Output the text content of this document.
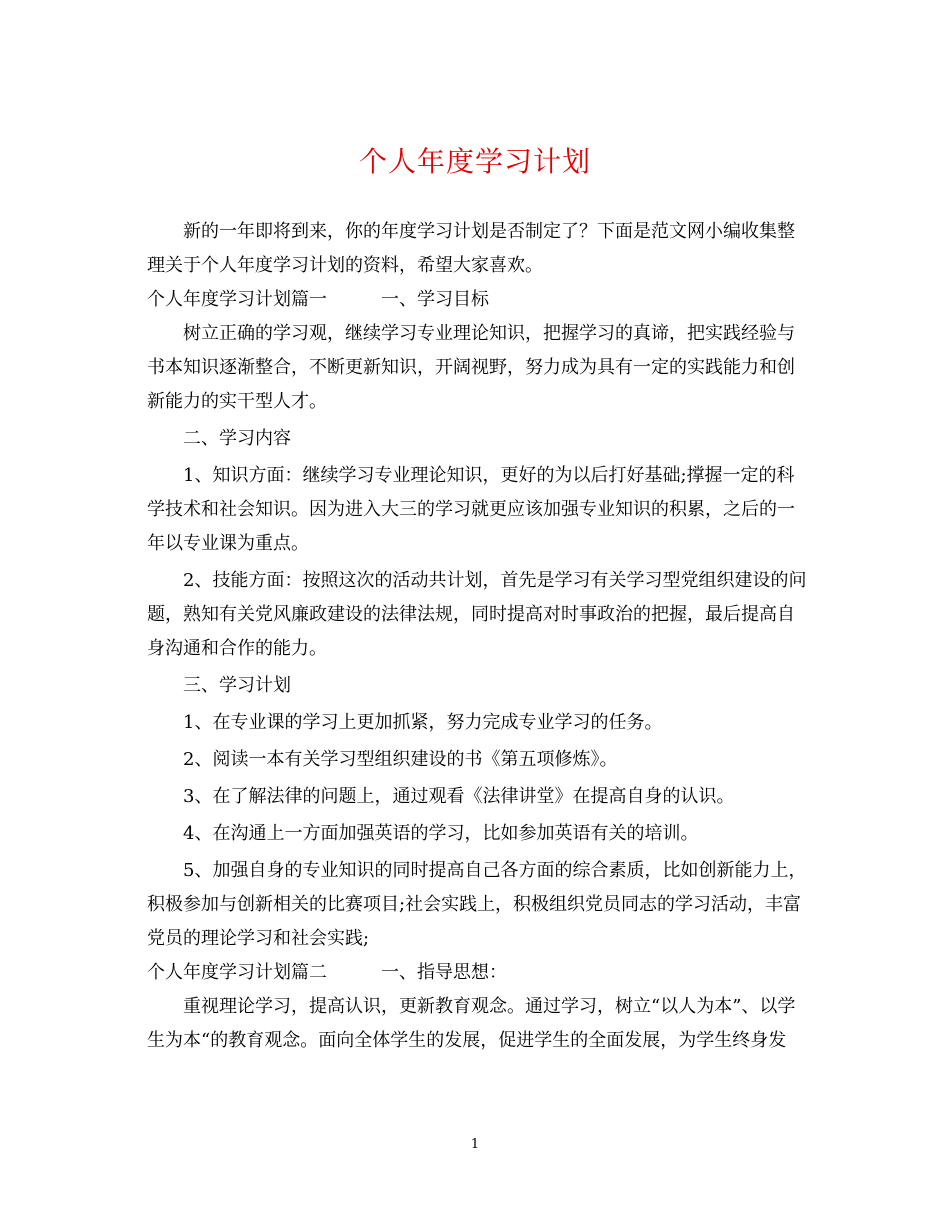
个人年度学习计划

新的一年即将到来，你的年度学习计划是否制定了？下面是范文网小编收集整理关于个人年度学习计划的资料，希望大家喜欢。

个人年度学习计划篇一　　　一、学习目标

树立正确的学习观，继续学习专业理论知识，把握学习的真谛，把实践经验与书本知识逐渐整合，不断更新知识，开阔视野，努力成为具有一定的实践能力和创新能力的实干型人才。

二、学习内容

1、知识方面：继续学习专业理论知识，更好的为以后打好基础;撑握一定的科学技术和社会知识。因为进入大三的学习就更应该加强专业知识的积累，之后的一年以专业课为重点。

2、技能方面：按照这次的活动共计划，首先是学习有关学习型党组织建设的问题，熟知有关党风廉政建设的法律法规，同时提高对时事政治的把握，最后提高自身沟通和合作的能力。

三、学习计划

1、在专业课的学习上更加抓紧，努力完成专业学习的任务。

2、阅读一本有关学习型组织建设的书《第五项修炼》。

3、在了解法律的问题上，通过观看《法律讲堂》在提高自身的认识。

4、在沟通上一方面加强英语的学习，比如参加英语有关的培训。

5、加强自身的专业知识的同时提高自己各方面的综合素质，比如创新能力上，积极参加与创新相关的比赛项目;社会实践上，积极组织党员同志的学习活动，丰富党员的理论学习和社会实践;

个人年度学习计划篇二　　　一、指导思想：

重视理论学习，提高认识，更新教育观念。通过学习，树立“以人为本”、以学生为本“的教育观念。面向全体学生的发展，促进学生的全面发展，为学生终身发

1
